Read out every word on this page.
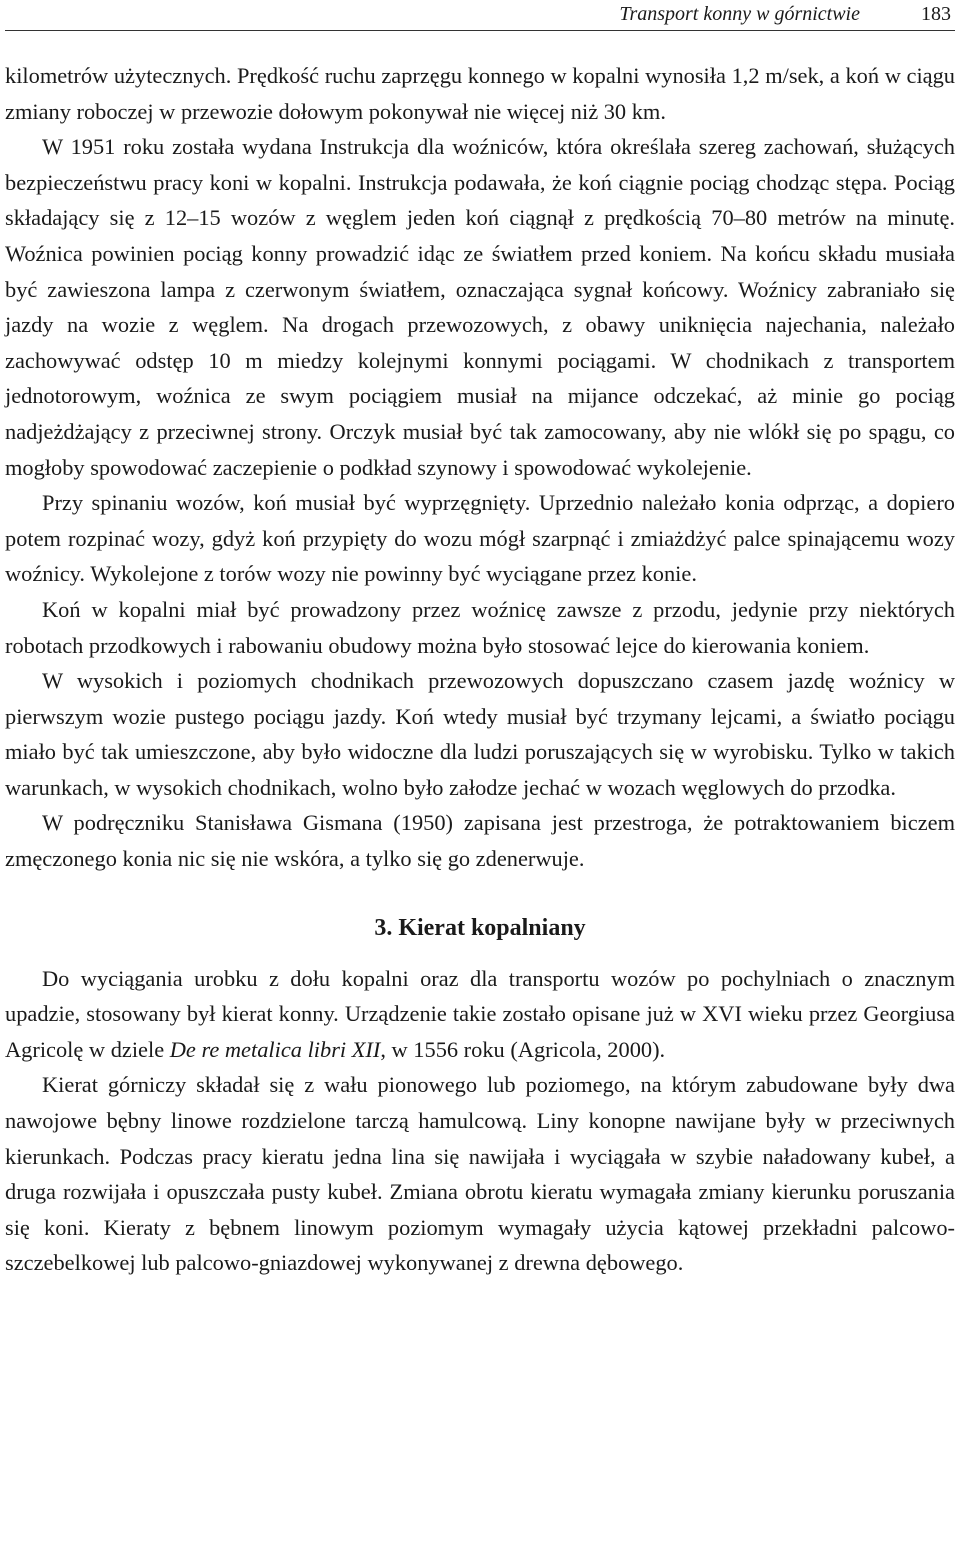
Transport konny w górnictwie	183

kilometrów użytecznych. Prędkość ruchu zaprzęgu konnego w kopalni wynosiła 1,2 m/sek, a koń w ciągu zmiany roboczej w przewozie dołowym pokonywał nie więcej niż 30 km.

W 1951 roku została wydana Instrukcja dla woźniców, która określała szereg zachowań, służących bezpieczeństwu pracy koni w kopalni. Instrukcja podawała, że koń ciągnie pociąg chodząc stępa. Pociąg składający się z 12–15 wozów z węglem jeden koń ciągnął z prędkością 70–80 metrów na minutę. Woźnica powinien pociąg konny prowadzić idąc ze światłem przed koniem. Na końcu składu musiała być zawieszona lampa z czerwonym światłem, oznaczająca sygnał końcowy. Woźnicy zabraniało się jazdy na wozie z węglem. Na drogach przewozowych, z obawy uniknięcia najechania, należało zachowywać odstęp 10 m miedzy kolejnymi konnymi pociągami. W chodnikach z transportem jednotorowym, woźnica ze swym pociągiem musiał na mijance odczekać, aż minie go pociąg nadjeżdżający z przeciwnej strony. Orczyk musiał być tak zamocowany, aby nie wlókł się po spągu, co mogłoby spowodować zaczepienie o podkład szynowy i spowodować wykolejenie.

Przy spinaniu wozów, koń musiał być wyprzęgnięty. Uprzednio należało konia odprząc, a dopiero potem rozpinać wozy, gdyż koń przypięty do wozu mógł szarpnąć i zmiażdżyć palce spinającemu wozy woźnicy. Wykolejone z torów wozy nie powinny być wyciągane przez konie.

Koń w kopalni miał być prowadzony przez woźnicę zawsze z przodu, jedynie przy niektórych robotach przodkowych i rabowaniu obudowy można było stosować lejce do kierowania koniem.

W wysokich i poziomych chodnikach przewozowych dopuszczano czasem jazdę woźnicy w pierwszym wozie pustego pociągu jazdy. Koń wtedy musiał być trzymany lejcami, a światło pociągu miało być tak umieszczone, aby było widoczne dla ludzi poruszających się w wyrobisku. Tylko w takich warunkach, w wysokich chodnikach, wolno było załodze jechać w wozach węglowych do przodka.

W podręczniku Stanisława Gismana (1950) zapisana jest przestroga, że potraktowaniem biczem zmęczonego konia nic się nie wskóra, a tylko się go zdenerwuje.

3. Kierat kopalniany

Do wyciągania urobku z dołu kopalni oraz dla transportu wozów po pochylniach o znacznym upadzie, stosowany był kierat konny. Urządzenie takie zostało opisane już w XVI wieku przez Georgiusa Agricolę w dziele De re metalica libri XII, w 1556 roku (Agricola, 2000).

Kierat górniczy składał się z wału pionowego lub poziomego, na którym zabudowane były dwa nawojowe bębny linowe rozdzielone tarczą hamulcową. Liny konopne nawijane były w przeciwnych kierunkach. Podczas pracy kieratu jedna lina się nawijała i wyciągała w szybie naładowany kubeł, a druga rozwijała i opuszczała pusty kubeł. Zmiana obrotu kieratu wymagała zmiany kierunku poruszania się koni. Kieraty z bębnem linowym poziomym wymagały użycia kątowej przekładni palcowo-szczebelkowej lub palcowo-gniazdowej wykonywanej z drewna dębowego.
